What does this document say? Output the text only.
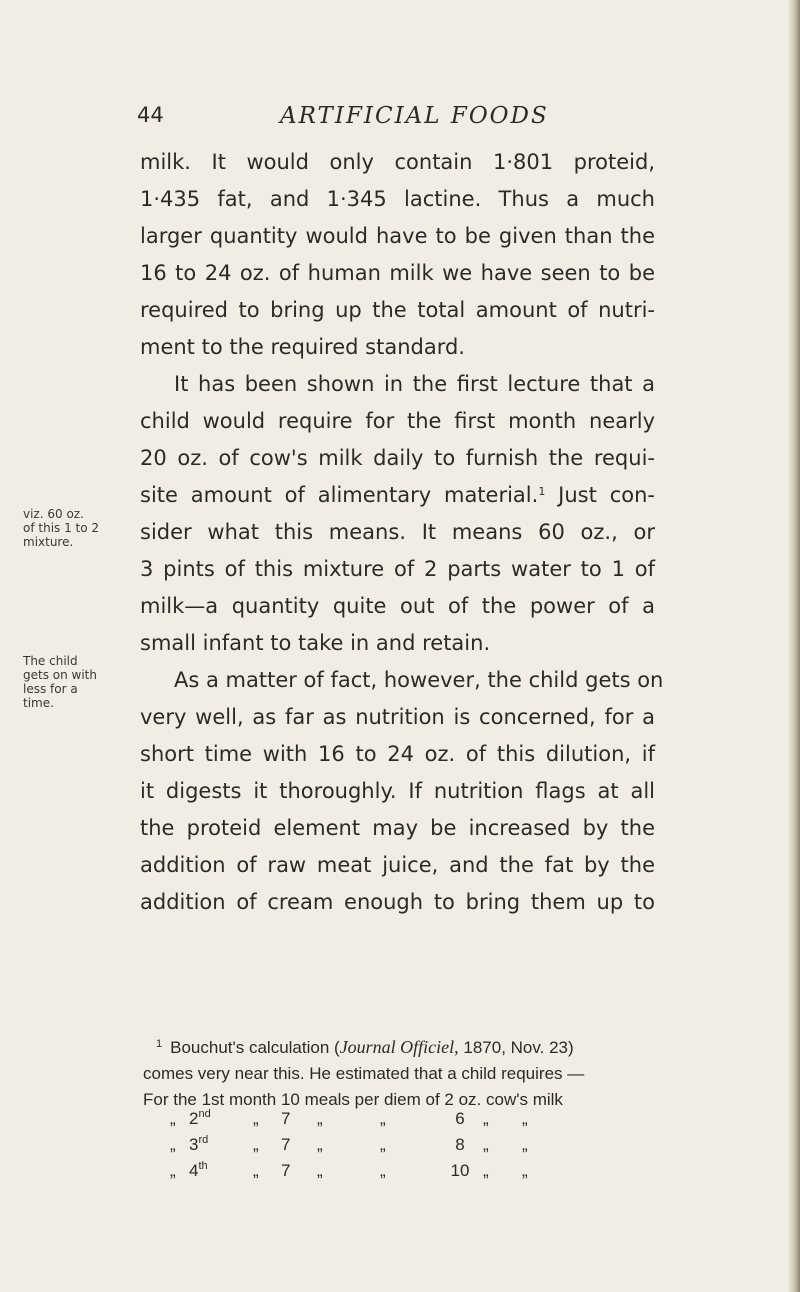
44	ARTIFICIAL FOODS
milk. It would only contain 1·801 proteid,
1·435 fat, and 1·345 lactine. Thus a much
larger quantity would have to be given than the
16 to 24 oz. of human milk we have seen to be
required to bring up the total amount of nutri-
ment to the required standard.
It has been shown in the first lecture that a
child would require for the first month nearly
20 oz. of cow's milk daily to furnish the requi-
site amount of alimentary material.$^1$ Just con-
sider what this means. It means 60 oz., or
3 pints of this mixture of 2 parts water to 1 of
milk—a quantity quite out of the power of a
small infant to take in and retain.
As a matter of fact, however, the child gets on
very well, as far as nutrition is concerned, for a
short time with 16 to 24 oz. of this dilution, if
it digests it thoroughly. If nutrition flags at all
the proteid element may be increased by the
addition of raw meat juice, and the fat by the
addition of cream enough to bring them up to
viz. 60 oz.
of this 1 to 2
mixture.
The child
gets on with
less for a
time.
$^1$ Bouchut's calculation (Journal Officiel, 1870, Nov. 23)
comes very near this. He estimated that a child requires —
For the 1st month 10 meals per diem of 2 oz. cow's milk
„ 2nd „ 7 „	„	6	„ „
„ 3rd	„ 7 „	„	8	„ „
„ 4th	„ 7 „	„	10 „ „
